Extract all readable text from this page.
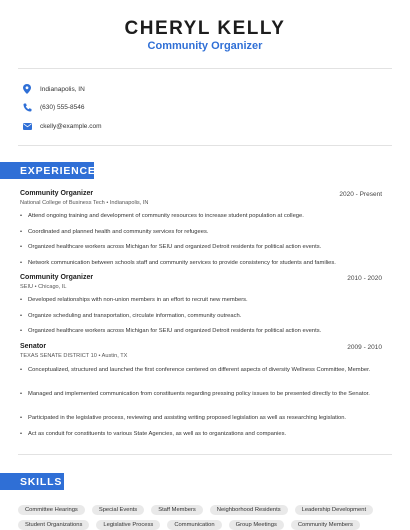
CHERYL KELLY
Community Organizer
Indianapolis, IN
(630) 555-8546
ckelly@example.com
EXPERIENCE
Community Organizer	2020 - Present
National College of Business Tech • Indianapolis, IN
• Attend ongoing training and development of community resources to increase student population at college.
• Coordinated and planned health and community services for refugees.
• Organized healthcare workers across Michigan for SEIU and organized Detroit residents for political action events.
• Network communication between schools staff and community services to provide consistency for students and families.
Community Organizer	2010 - 2020
SEIU • Chicago, IL
• Developed relationships with non-union members in an effort to recruit new members.
• Organize scheduling and transportation, circulate information, community outreach.
• Organized healthcare workers across Michigan for SEIU and organized Detroit residents for political action events.
Senator	2009 - 2010
TEXAS SENATE DISTRICT 10 • Austin, TX
• Conceptualized, structured and launched the first conference centered on different aspects of diversity Wellness Committee, Member.
• Managed and implemented communication from constituents regarding pressing policy issues to be presented directly to the Senator.
• Participated in the legislative process, reviewing and assisting writing proposed legislation as well as researching legislation.
• Act as conduit for constituents to various State Agencies, as well as to organizations and companies.
SKILLS
Committee Hearings	Special Events	Staff Members	Neighborhood Residents	Leadership Development
Student Organizations	Legislative Process	Communication	Group Meetings	Community Members
